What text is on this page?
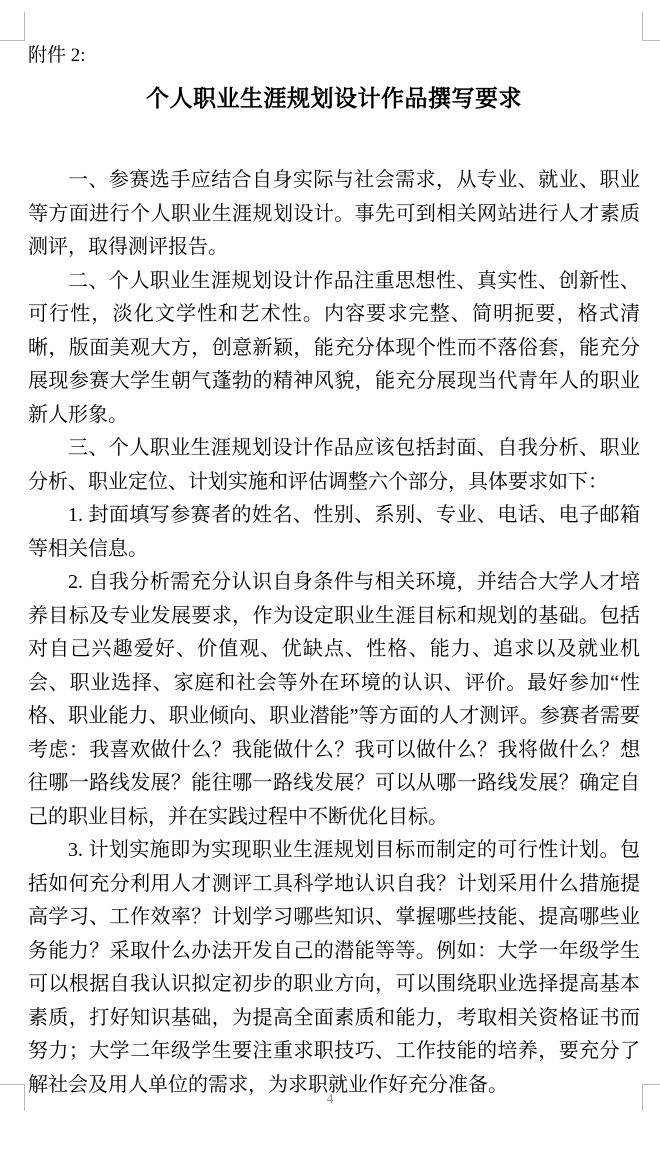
附件 2:
个人职业生涯规划设计作品撰写要求

一、参赛选手应结合自身实际与社会需求，从专业、就业、职业等方面进行个人职业生涯规划设计。事先可到相关网站进行人才素质测评，取得测评报告。

二、个人职业生涯规划设计作品注重思想性、真实性、创新性、可行性，淡化文学性和艺术性。内容要求完整、简明扼要，格式清晰，版面美观大方，创意新颖，能充分体现个性而不落俗套，能充分展现参赛大学生朝气蓬勃的精神风貌，能充分展现当代青年人的职业新人形象。

三、个人职业生涯规划设计作品应该包括封面、自我分析、职业分析、职业定位、计划实施和评估调整六个部分，具体要求如下：

1. 封面填写参赛者的姓名、性别、系别、专业、电话、电子邮箱等相关信息。

2. 自我分析需充分认识自身条件与相关环境，并结合大学人才培养目标及专业发展要求，作为设定职业生涯目标和规划的基础。包括对自己兴趣爱好、价值观、优缺点、性格、能力、追求以及就业机会、职业选择、家庭和社会等外在环境的认识、评价。最好参加“性格、职业能力、职业倾向、职业潜能”等方面的人才测评。参赛者需要考虑：我喜欢做什么？我能做什么？我可以做什么？我将做什么？想往哪一路线发展？能往哪一路线发展？可以从哪一路线发展？确定自己的职业目标，并在实践过程中不断优化目标。

3. 计划实施即为实现职业生涯规划目标而制定的可行性计划。包括如何充分利用人才测评工具科学地认识自我？计划采用什么措施提高学习、工作效率？计划学习哪些知识、掌握哪些技能、提高哪些业务能力？采取什么办法开发自己的潜能等等。例如：大学一年级学生可以根据自我认识拟定初步的职业方向，可以围绕职业选择提高基本素质，打好知识基础，为提高全面素质和能力，考取相关资格证书而努力；大学二年级学生要注重求职技巧、工作技能的培养，要充分了解社会及用人单位的需求，为求职就业作好充分准备。

4
